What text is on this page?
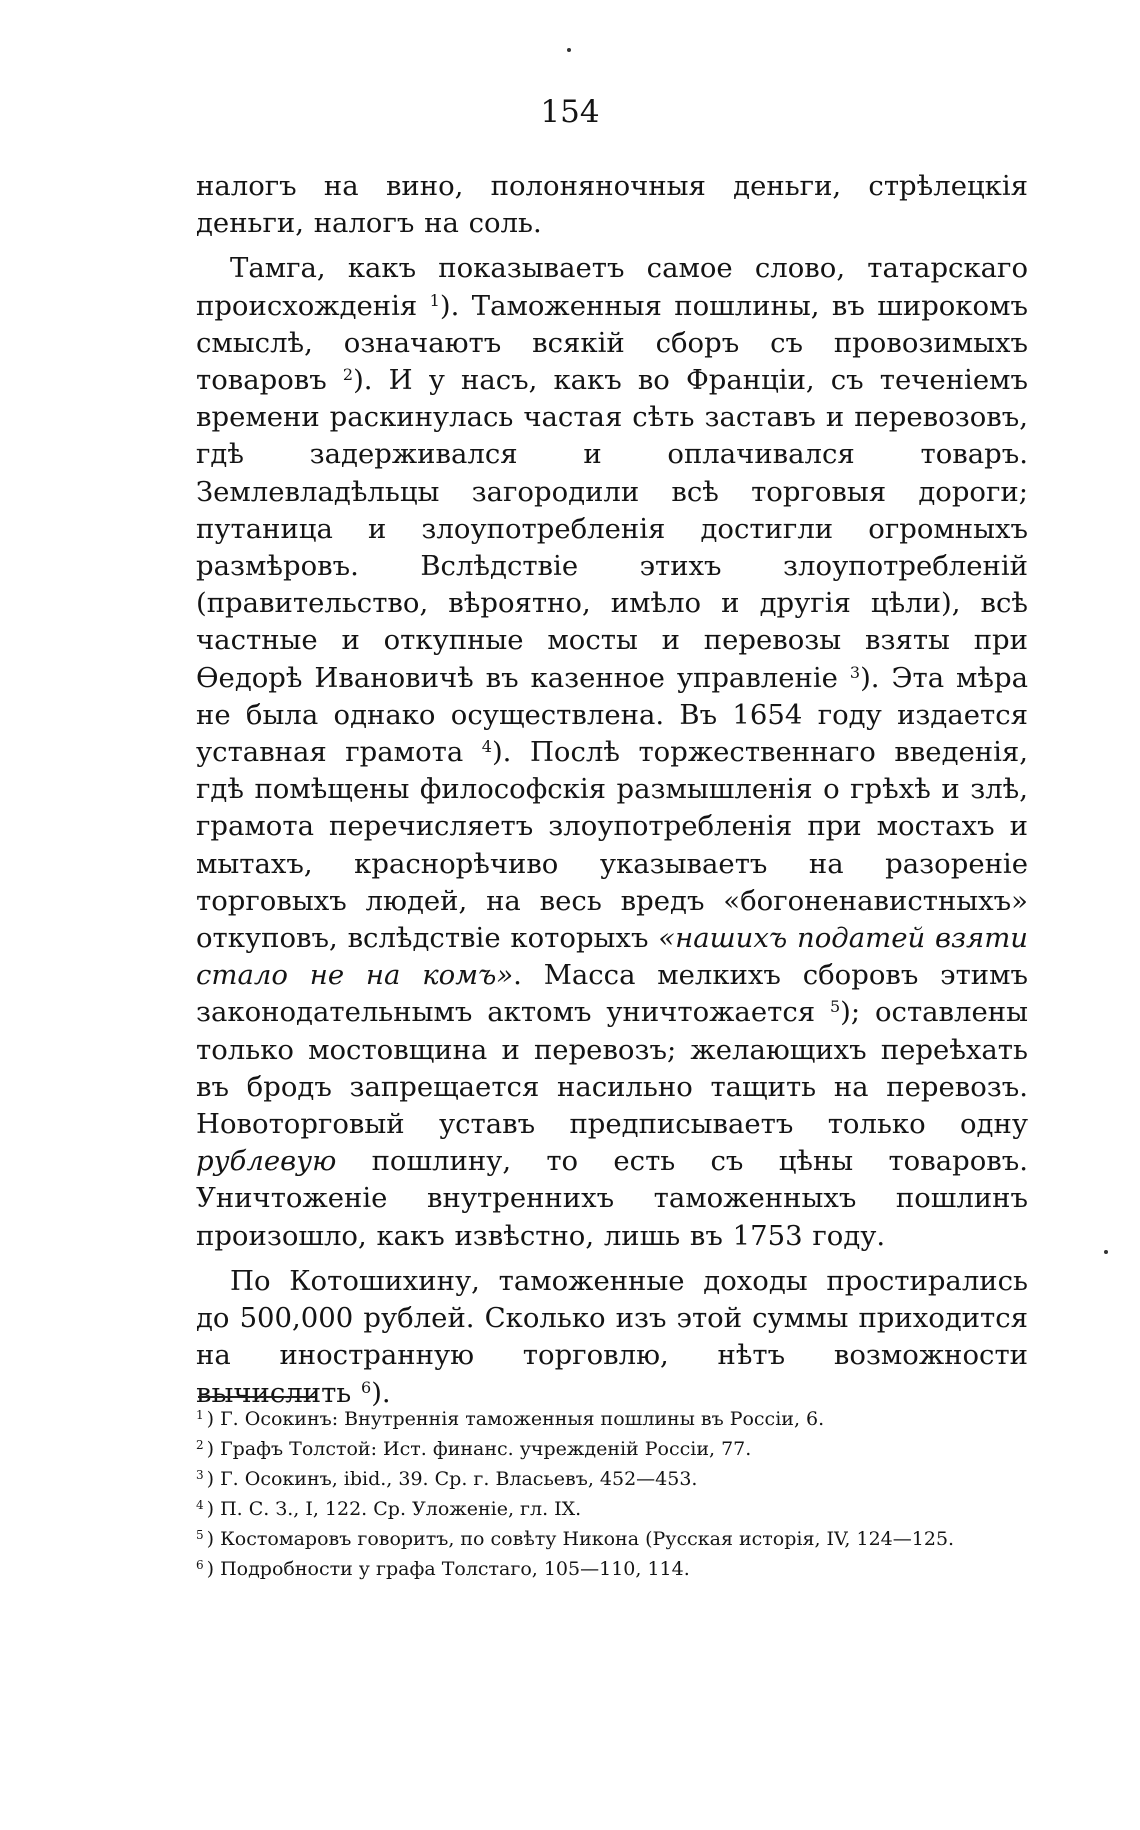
154

налогъ на вино, полоняночныя деньги, стрѣлецкія деньги, налогъ на соль.

Тамга, какъ показываетъ самое слово, татарскаго происхожденія $^1$). Таможенныя пошлины, въ широкомъ смыслѣ, означаютъ всякій сборъ съ провозимыхъ товаровъ $^2$). И у насъ, какъ во Франціи, съ теченіемъ времени раскинулась частая сѣть заставъ и перевозовъ, гдѣ задерживался и оплачивался товаръ. Землевладѣльцы загородили всѣ торговыя дороги; путаница и злоупотребленія достигли огромныхъ размѣровъ. Вслѣдствіе этихъ злоупотребленій (правительство, вѣроятно, имѣло и другія цѣли), всѣ частные и откупные мосты и перевозы взяты при Ѳедорѣ Ивановичѣ въ казенное управленіе $^3$). Эта мѣра не была однако осуществлена. Въ 1654 году издается уставная грамота $^4$). Послѣ торжественнаго введенія, гдѣ помѣщены философскія размышленія о грѣхѣ и злѣ, грамота перечисляетъ злоупотребленія при мостахъ и мытахъ, краснорѣчиво указываетъ на разореніе торговыхъ людей, на весь вредъ «богоненавистныхъ» откуповъ, вслѣдствіе которыхъ «нашихъ податей взяти стало не на комъ». Масса мелкихъ сборовъ этимъ законодательнымъ актомъ уничтожается $^5$); оставлены только мостовщина и перевозъ; желающихъ переѣхать въ бродъ запрещается насильно тащить на перевозъ. Новоторговый уставъ предписываетъ только одну рублевую пошлину, то есть съ цѣны товаровъ. Уничтоженіе внутреннихъ таможенныхъ пошлинъ произошло, какъ извѣстно, лишь въ 1753 году.

По Котошихину, таможенные доходы простирались до 500,000 рублей. Сколько изъ этой суммы приходится на иностранную торговлю, нѣтъ возможности вычислить $^6$).

$^1$ ) Г. Осокинъ: Внутреннія таможенныя пошлины въ Россіи, 6.
$^2$ ) Графъ Толстой: Ист. финанс. учрежденій Россіи, 77.
$^3$ ) Г. Осокинъ, ibid., 39. Ср. г. Власьевъ, 452—453.
$^4$ ) П. С. З., I, 122. Ср. Уложеніе, гл. IX.
$^5$ ) Костомаровъ говоритъ, по совѣту Никона (Русская исторія, IV, 124—125.
$^6$ ) Подробности у графа Толстаго, 105—110, 114.
